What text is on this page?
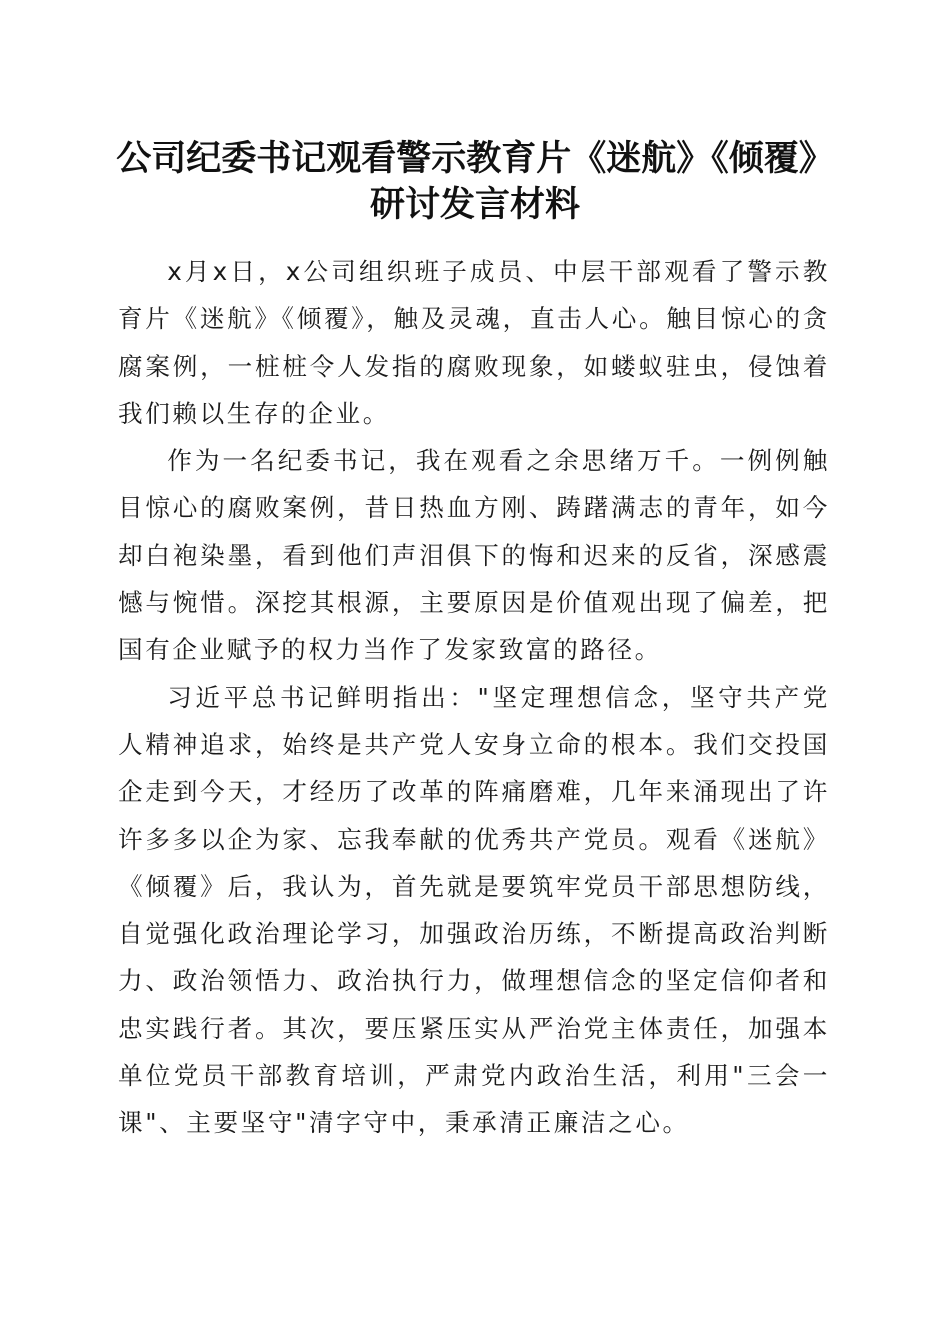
公司纪委书记观看警示教育片《迷航》《倾覆》研讨发言材料

x月x日，x公司组织班子成员、中层干部观看了警示教育片《迷航》《倾覆》，触及灵魂，直击人心。触目惊心的贪腐案例，一桩桩令人发指的腐败现象，如蝼蚁驻虫，侵蚀着我们赖以生存的企业。

作为一名纪委书记，我在观看之余思绪万千。一例例触目惊心的腐败案例，昔日热血方刚、踌躇满志的青年，如今却白袍染墨，看到他们声泪俱下的悔和迟来的反省，深感震憾与惋惜。深挖其根源，主要原因是价值观出现了偏差，把国有企业赋予的权力当作了发家致富的路径。

习近平总书记鲜明指出："坚定理想信念，坚守共产党人精神追求，始终是共产党人安身立命的根本。我们交投国企走到今天，才经历了改革的阵痛磨难，几年来涌现出了许许多多以企为家、忘我奉献的优秀共产党员。观看《迷航》《倾覆》后，我认为，首先就是要筑牢党员干部思想防线，自觉强化政治理论学习，加强政治历练，不断提高政治判断力、政治领悟力、政治执行力，做理想信念的坚定信仰者和忠实践行者。其次，要压紧压实从严治党主体责任，加强本单位党员干部教育培训，严肃党内政治生活，利用"三会一课"、主要坚守"清字守中，秉承清正廉洁之心。
